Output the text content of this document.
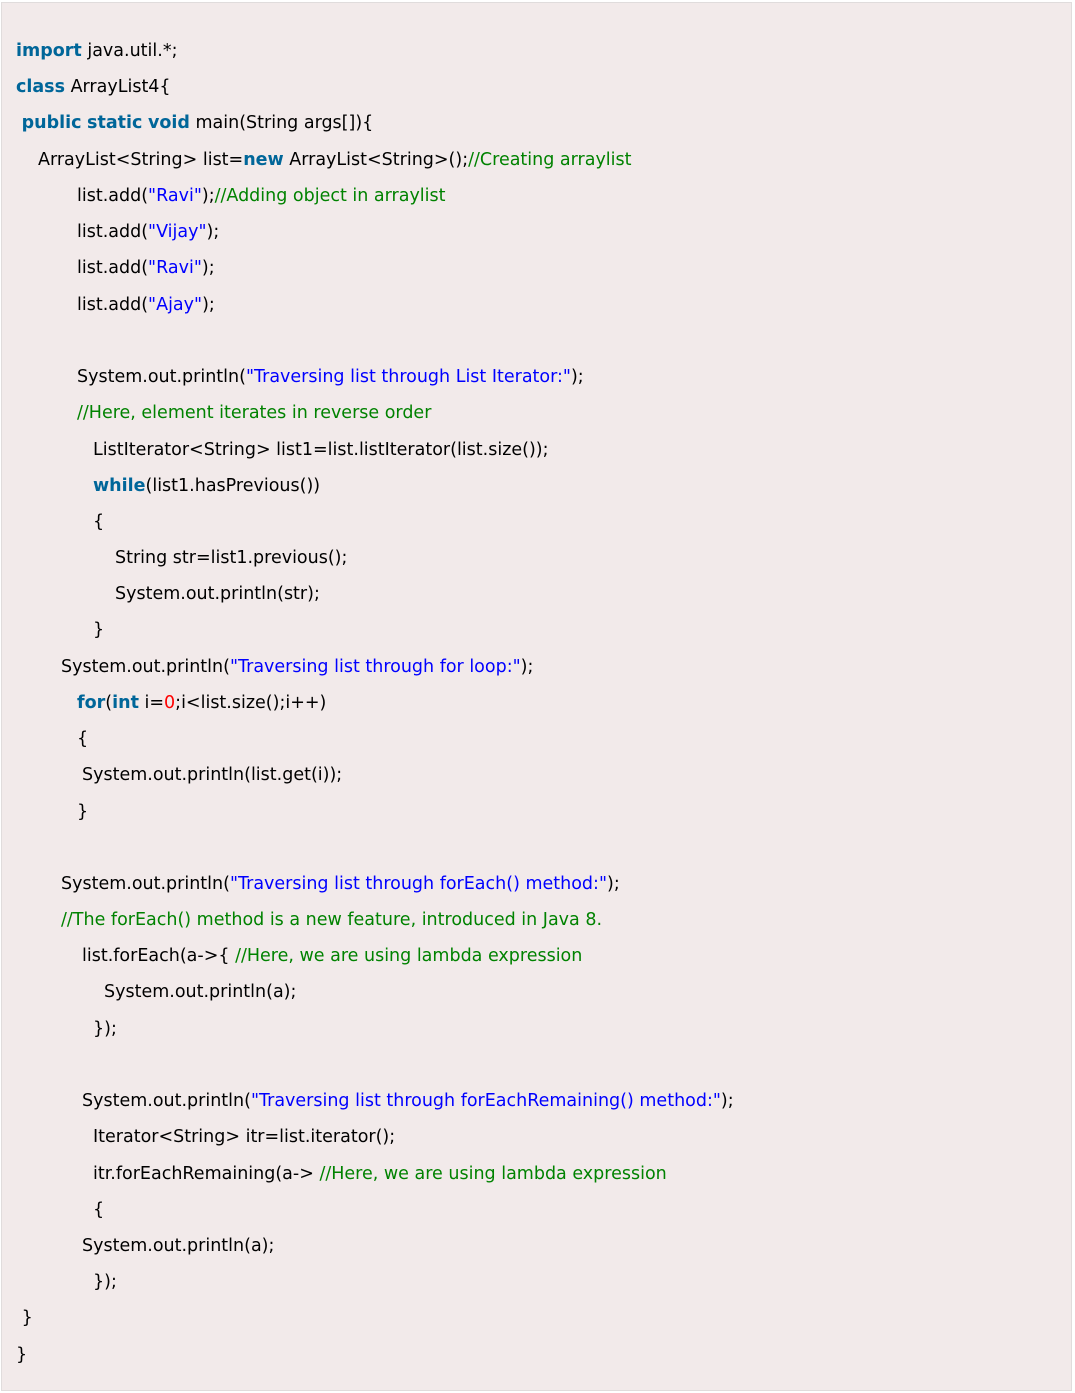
import java.util.*;
class ArrayList4{
public static void main(String args[]){
ArrayList<String> list=new ArrayList<String>();//Creating arraylist
list.add("Ravi");//Adding object in arraylist
list.add("Vijay");
list.add("Ravi");
list.add("Ajay");
System.out.println("Traversing list through List Iterator:");
//Here, element iterates in reverse order
ListIterator<String> list1=list.listIterator(list.size());
while(list1.hasPrevious())
{
String str=list1.previous();
System.out.println(str);
}
System.out.println("Traversing list through for loop:");
for(int i=0;i<list.size();i++)
{
System.out.println(list.get(i));
}
System.out.println("Traversing list through forEach() method:");
//The forEach() method is a new feature, introduced in Java 8.
list.forEach(a->{ //Here, we are using lambda expression
System.out.println(a);
});
System.out.println("Traversing list through forEachRemaining() method:");
Iterator<String> itr=list.iterator();
itr.forEachRemaining(a-> //Here, we are using lambda expression
{
System.out.println(a);
});
}
}
